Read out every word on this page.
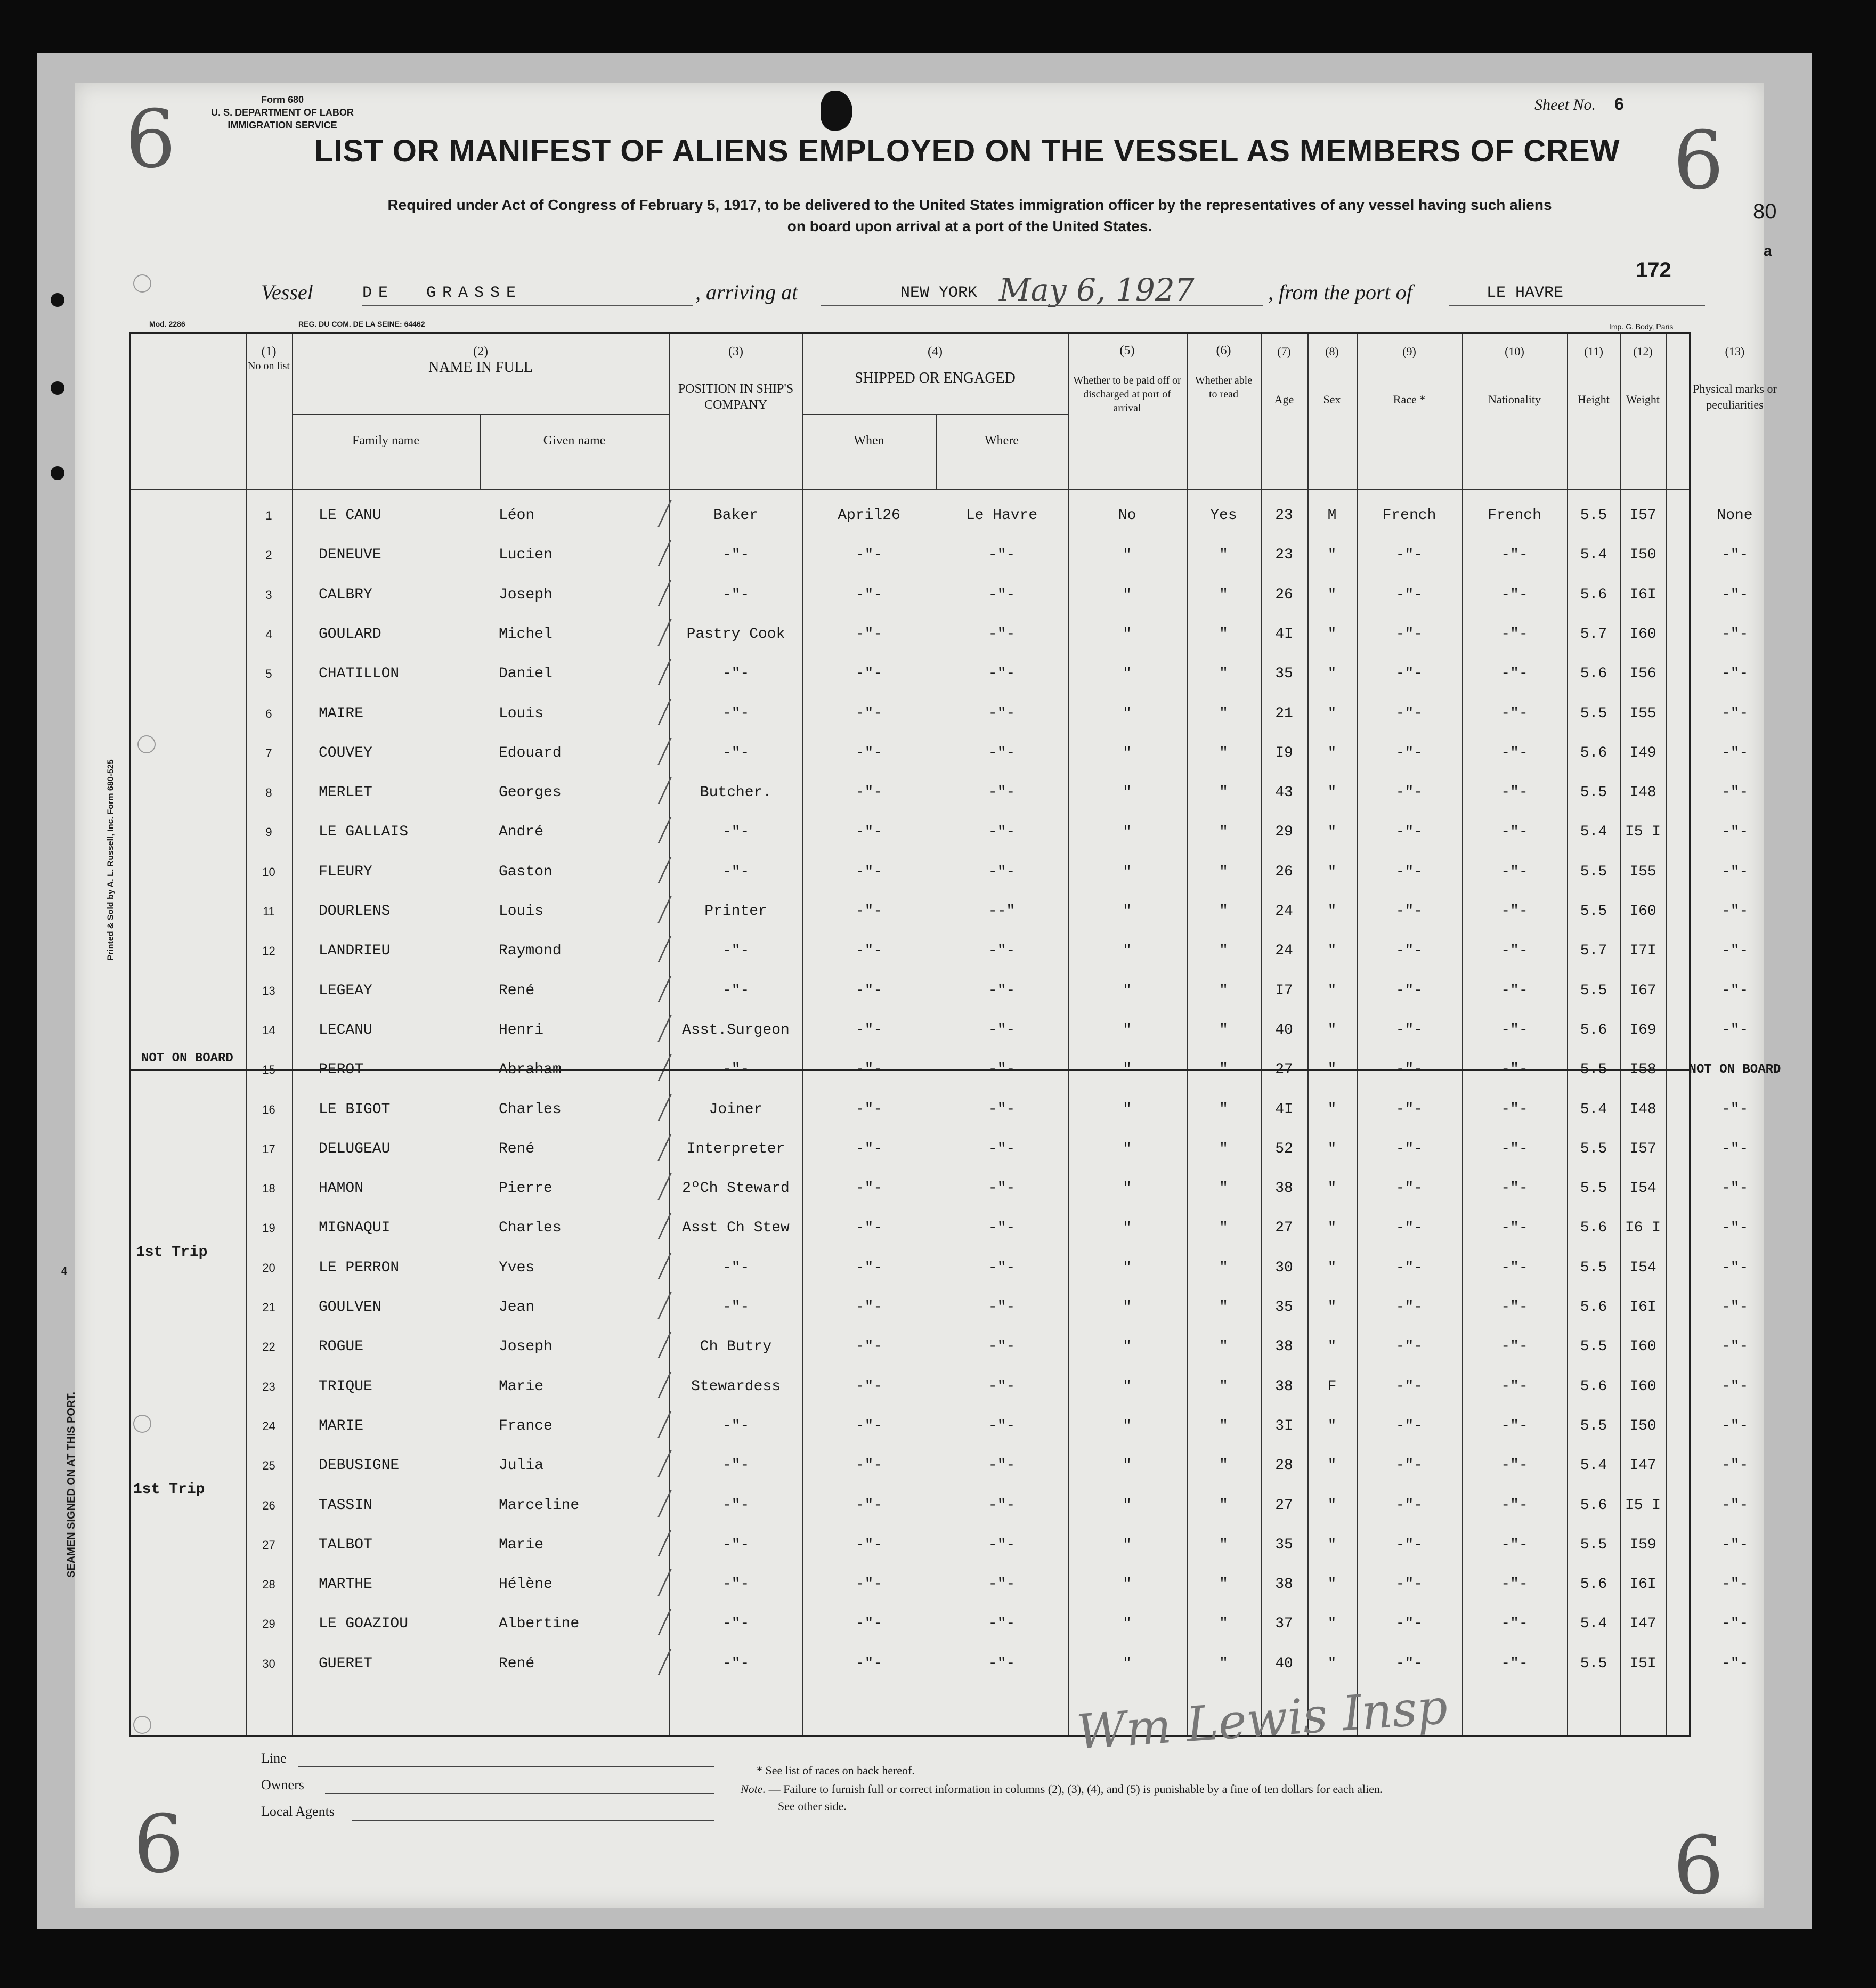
6	6
6	6
Form 680
U. S. DEPARTMENT OF LABOR
IMMIGRATION SERVICE
Sheet No. 6
LIST OR MANIFEST OF ALIENS EMPLOYED ON THE VESSEL AS MEMBERS OF CREW
Required under Act of Congress of February 5, 1917, to be delivered to the United States immigration officer by the representatives of any vessel having such aliens
on board upon arrival at a port of the United States.
172
80
a
Vessel	DE  GRASSE	, arriving at	NEW YORK May 6, 1927	, from the port of	LE HAVRE
Mod. 2286	REG. DU COM. DE LA SEINE: 64462	Imp. G. Body, Paris
Printed & Sold by A. L. Russell, Inc. Form 680-525
SEAMEN SIGNED ON AT THIS PORT.
4
(1)
No on list
(2)
NAME IN FULL
Family name	Given name
(3)
POSITION IN SHIP'S COMPANY
(4)
SHIPPED OR ENGAGED
When	Where
(5)
Whether to be paid off or discharged at port of arrival
(6)
Whether able to read
(7)
Age
(8)
Sex
(9)
Race *
(10)
Nationality
(11)
Height
(12)
Weight
(13)
Physical marks or peculiarities
1	LE CANU	Léon	Baker	April26	Le Havre	No	Yes	23	M	French	French	5.5	I57	None
2	DENEUVE	Lucien	-"-	-"-	-"-	"	"	23	"	-"-	-"-	5.4	I50	-"-
3	CALBRY	Joseph	-"-	-"-	-"-	"	"	26	"	-"-	-"-	5.6	I6I	-"-
4	GOULARD	Michel	Pastry Cook	-"-	-"-	"	"	4I	"	-"-	-"-	5.7	I60	-"-
5	CHATILLON	Daniel	-"-	-"-	-"-	"	"	35	"	-"-	-"-	5.6	I56	-"-
6	MAIRE	Louis	-"-	-"-	-"-	"	"	21	"	-"-	-"-	5.5	I55	-"-
7	COUVEY	Edouard	-"-	-"-	-"-	"	"	I9	"	-"-	-"-	5.6	I49	-"-
8	MERLET	Georges	Butcher.	-"-	-"-	"	"	43	"	-"-	-"-	5.5	I48	-"-
9	LE GALLAIS	André	-"-	-"-	-"-	"	"	29	"	-"-	-"-	5.4	I5 I	-"-
10	FLEURY	Gaston	-"-	-"-	-"-	"	"	26	"	-"-	-"-	5.5	I55	-"-
11	DOURLENS	Louis	Printer	-"-	--"	"	"	24	"	-"-	-"-	5.5	I60	-"-
12	LANDRIEU	Raymond	-"-	-"-	-"-	"	"	24	"	-"-	-"-	5.7	I7I	-"-
13	LEGEAY	René	-"-	-"-	-"-	"	"	I7	"	-"-	-"-	5.5	I67	-"-
14	LECANU	Henri	Asst.Surgeon	-"-	-"-	"	"	40	"	-"-	-"-	5.6	I69	-"-
15	PEROT	Abraham	-"-	-"-	-"-	"	"	27	"	-"-	-"-	5.5	I58	NOT ON BOARD
16	LE BIGOT	Charles	Joiner	-"-	-"-	"	"	4I	"	-"-	-"-	5.4	I48	-"-
17	DELUGEAU	René	Interpreter	-"-	-"-	"	"	52	"	-"-	-"-	5.5	I57	-"-
18	HAMON	Pierre	2ºCh Steward	-"-	-"-	"	"	38	"	-"-	-"-	5.5	I54	-"-
19	MIGNAQUI	Charles	Asst Ch Stew	-"-	-"-	"	"	27	"	-"-	-"-	5.6	I6 I	-"-
20	LE PERRON	Yves	-"-	-"-	-"-	"	"	30	"	-"-	-"-	5.5	I54	-"-
21	GOULVEN	Jean	-"-	-"-	-"-	"	"	35	"	-"-	-"-	5.6	I6I	-"-
22	ROGUE	Joseph	Ch Butry	-"-	-"-	"	"	38	"	-"-	-"-	5.5	I60	-"-
23	TRIQUE	Marie	Stewardess	-"-	-"-	"	"	38	F	-"-	-"-	5.6	I60	-"-
24	MARIE	France	-"-	-"-	-"-	"	"	3I	"	-"-	-"-	5.5	I50	-"-
25	DEBUSIGNE	Julia	-"-	-"-	-"-	"	"	28	"	-"-	-"-	5.4	I47	-"-
26	TASSIN	Marceline	-"-	-"-	-"-	"	"	27	"	-"-	-"-	5.6	I5 I	-"-
27	TALBOT	Marie	-"-	-"-	-"-	"	"	35	"	-"-	-"-	5.5	I59	-"-
28	MARTHE	Hélène	-"-	-"-	-"-	"	"	38	"	-"-	-"-	5.6	I6I	-"-
29	LE GOAZIOU	Albertine	-"-	-"-	-"-	"	"	37	"	-"-	-"-	5.4	I47	-"-
30	GUERET	René	-"-	-"-	-"-	"	"	40	"	-"-	-"-	5.5	I5I	-"-
NOT ON BOARD
1st Trip
1st Trip
Wm Lewis Insp
Line
Owners
Local Agents
* See list of races on back hereof.
Note. — Failure to furnish full or correct information in columns (2), (3), (4), and (5) is punishable by a fine of ten dollars for each alien.
See other side.
